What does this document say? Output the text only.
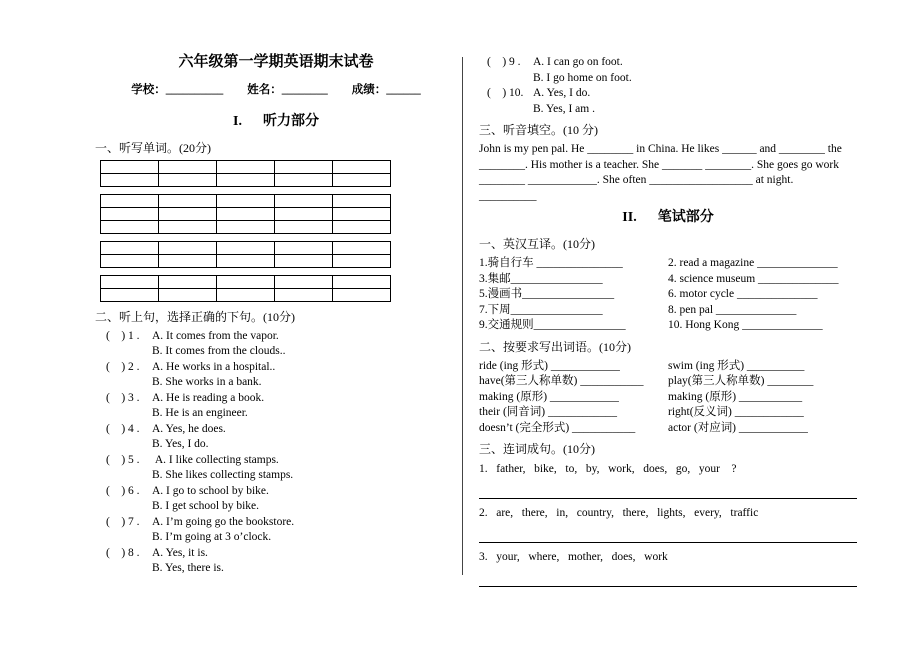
六年级第一学期英语期末试卷
学校：__________ 姓名：________ 成绩：______
I.      听力部分
一、听写单词。(20分)

二、听上句，选择正确的下句。(10分)
(    ) 1 .	A. It comes from the vapor.
B. It comes from the clouds..
(    ) 2 .	A. He works in a hospital..
B. She works in a bank.
(    ) 3 .	A. He is reading a book.
B. He is an engineer.
(    ) 4 .	A. Yes, he does.
B. Yes, I do.
(    ) 5 .	A. I like collecting stamps.
B. She likes collecting stamps.
(    ) 6 .	A. I go to school by bike.
B. I get school by bike.
(    ) 7 .	A. I’m going go the bookstore.
B. I’m going at 3 o’clock.
(    ) 8 .	A. Yes, it is.
B. Yes, there is.
(    ) 9 .	A. I can go on foot.
B. I go home on foot.
(    ) 10. A. Yes, I do.
B. Yes, I am .
三、听音填空。(10 分)
John is my pen pal. He ________ in China. He likes ______ and ________ the
________. His mother is a teacher. She _______ ________. She goes go work
________ ____________. She often __________________ at night.
__________
II.      笔试部分
一、英汉互译。(10分)
1.骑自行车 _______________	2. read a magazine ______________
3.集邮________________	4. science museum ______________
5.漫画书________________	6. motor cycle ______________
7.下周________________	8. pen pal ______________
9.交通规则________________	10. Hong Kong ______________
二、按要求写出词语。(10分)
ride (ing 形式) ____________	swim (ing 形式) __________
have(第三人称单数) ___________	play(第三人称单数) ________
making (原形) ____________	making (原形) ___________
their (同音词) ____________	right(反义词) ____________
doesn’t (完全形式) ___________	actor (对应词) ____________
三、连词成句。(10分)
1.   father,   bike,   to,   by,   work,   does,   go,   your    ?
2.   are,   there,   in,   country,   there,   lights,   every,   traffic
3.   your,   where,   mother,   does,   work
